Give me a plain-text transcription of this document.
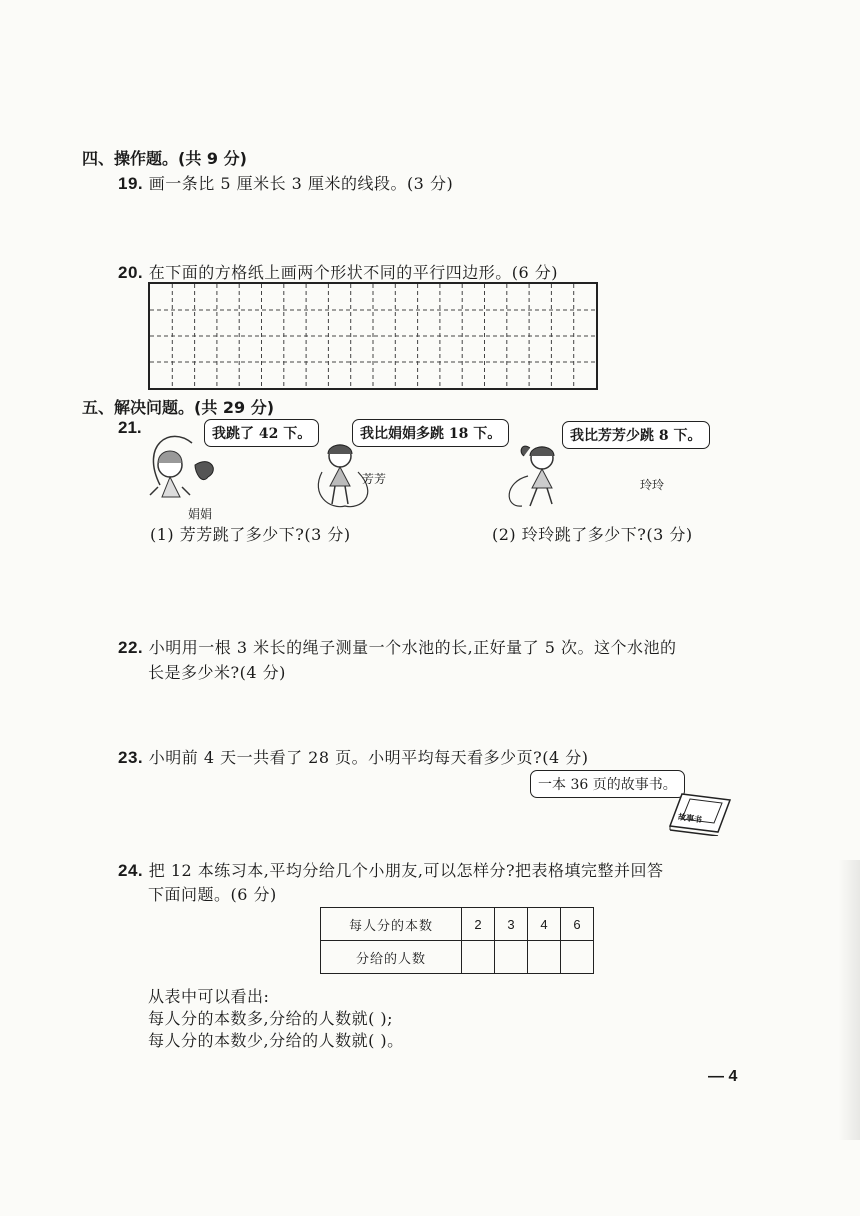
四、操作题。(共 9 分)
19. 画一条比 5 厘米长 3 厘米的线段。(3 分)
20. 在下面的方格纸上画两个形状不同的平行四边形。(6 分)
五、解决问题。(共 29 分)
21.	我跳了 42 下。	我比娟娟多跳 18 下。	我比芳芳少跳 8 下。
娟娟
芳芳	玲玲
(1) 芳芳跳了多少下?(3 分)	(2) 玲玲跳了多少下?(3 分)
22. 小明用一根 3 米长的绳子测量一个水池的长,正好量了 5 次。这个水池的
长是多少米?(4 分)
23. 小明前 4 天一共看了 28 页。小明平均每天看多少页?(4 分)
一本 36 页的故事书。
故事书
24. 把 12 本练习本,平均分给几个小朋友,可以怎样分?把表格填完整并回答
下面问题。(6 分)
每人分的本数	2	3	4	6
分给的人数				
从表中可以看出:
每人分的本数多,分给的人数就( );
每人分的本数少,分给的人数就( )。
— 4
